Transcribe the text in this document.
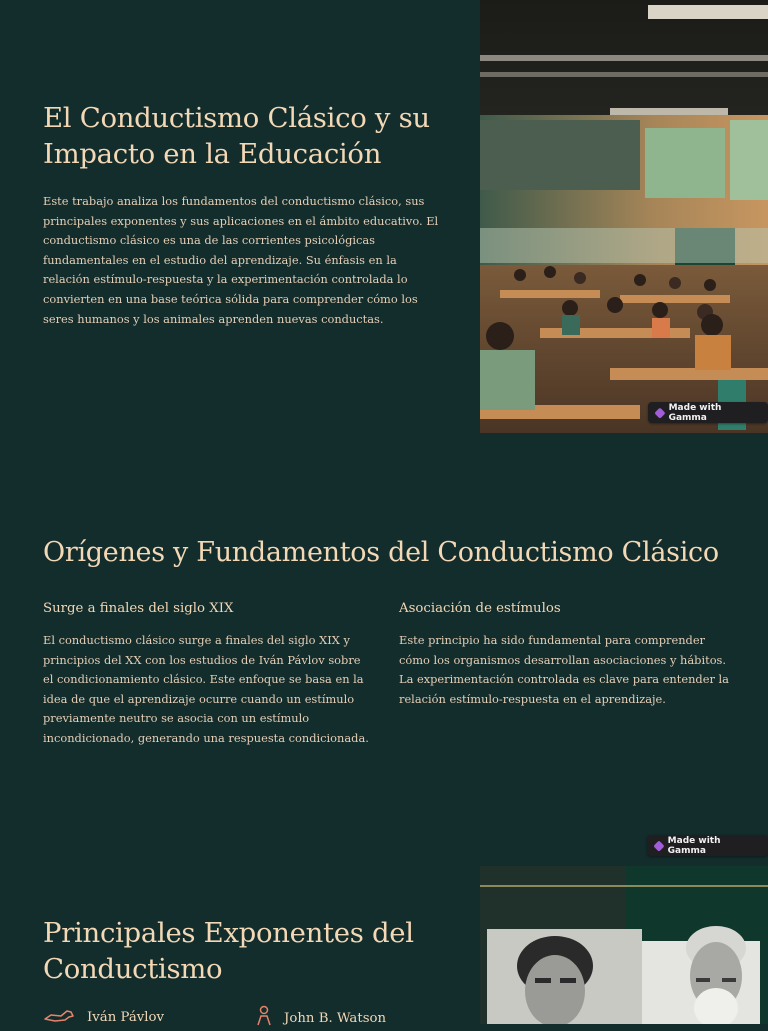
El Conductismo Clásico y su Impacto en la Educación

Este trabajo analiza los fundamentos del conductismo clásico, sus principales exponentes y sus aplicaciones en el ámbito educativo. El conductismo clásico es una de las corrientes psicológicas fundamentales en el estudio del aprendizaje. Su énfasis en la relación estímulo-respuesta y la experimentación controlada lo convierten en una base teórica sólida para comprender cómo los seres humanos y los animales aprenden nuevas conductas.

Made with Gamma
Orígenes y Fundamentos del Conductismo Clásico
Surge a finales del siglo XIX

El conductismo clásico surge a finales del siglo XIX y principios del XX con los estudios de Iván Pávlov sobre el condicionamiento clásico. Este enfoque se basa en la idea de que el aprendizaje ocurre cuando un estímulo previamente neutro se asocia con un estímulo incondicionado, generando una respuesta condicionada.

Asociación de estímulos

Este principio ha sido fundamental para comprender cómo los organismos desarrollan asociaciones y hábitos. La experimentación controlada es clave para entender la relación estímulo-respuesta en el aprendizaje.

Made with Gamma
Principales Exponentes del Conductismo
Iván Pávlov	John B. Watson
